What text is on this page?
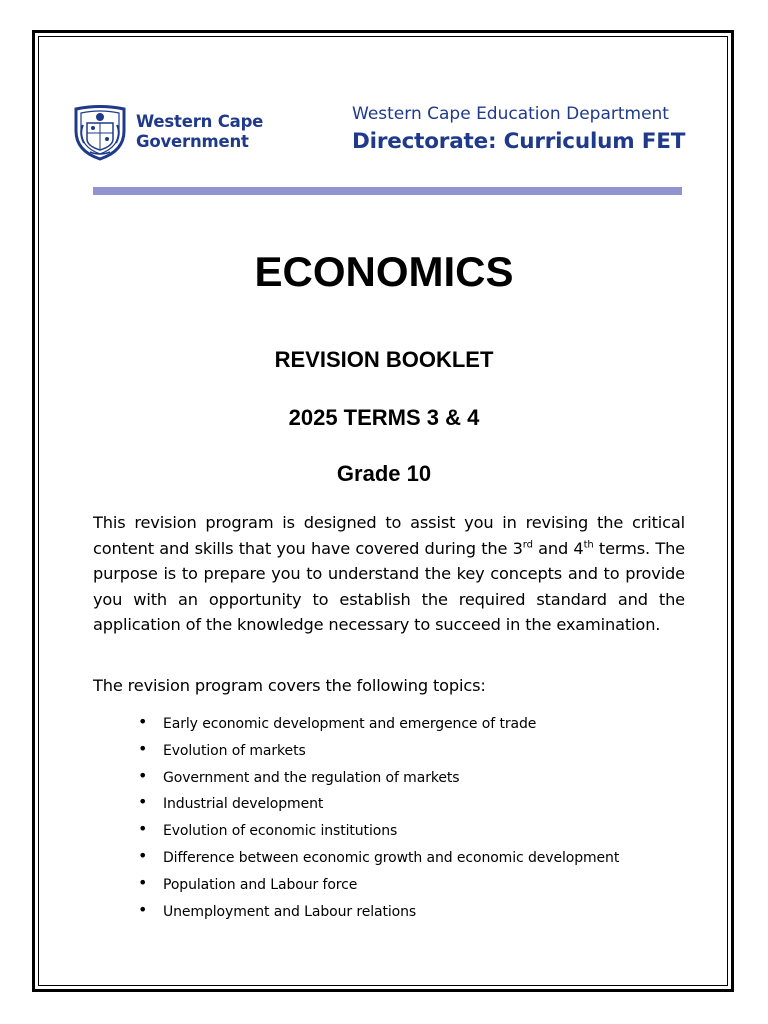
Western Cape
Government
Western Cape Education Department
Directorate: Curriculum FET
ECONOMICS
REVISION BOOKLET
2025 TERMS 3 & 4
Grade 10
This revision program is designed to assist you in revising the critical content and skills that you have covered during the 3rd and 4th terms. The purpose is to prepare you to understand the key concepts and to provide you with an opportunity to establish the required standard and the application of the knowledge necessary to succeed in the examination.
The revision program covers the following topics:
• Early economic development and emergence of trade
• Evolution of markets
• Government and the regulation of markets
• Industrial development
• Evolution of economic institutions
• Difference between economic growth and economic development
• Population and Labour force
• Unemployment and Labour relations
